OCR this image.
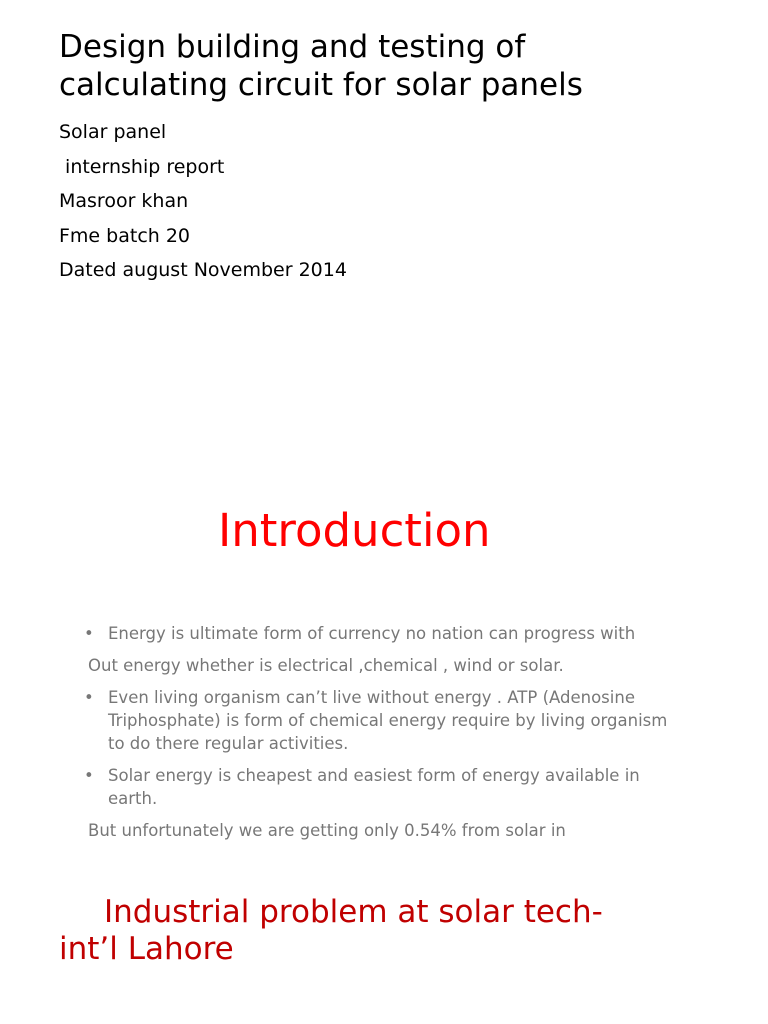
Design building and testing of
calculating circuit for solar panels
Solar panel
internship report
Masroor khan
Fme batch 20
Dated august November 2014
Introduction
• Energy is ultimate form of currency no nation can progress with

Out energy whether is electrical ,chemical , wind or solar.

• Even living organism can’t live without energy . ATP (Adenosine Triphosphate) is form of chemical energy require by living organism to do there regular activities.
• Solar energy is cheapest and easiest form of energy available in earth.

But unfortunately we are getting only 0.54% from solar in

Industrial problem at solar tech-
int’l Lahore
